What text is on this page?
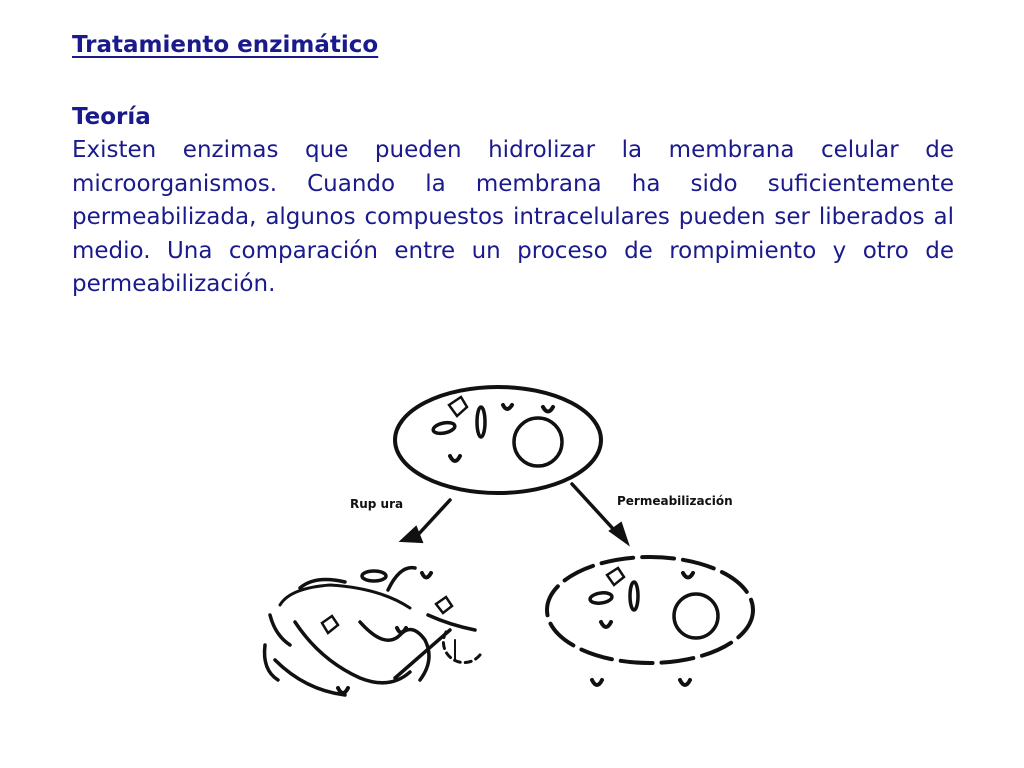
Tratamiento enzimático
Teoría

Existen enzimas que pueden hidrolizar la membrana celular de microorganismos. Cuando la membrana ha sido suficientemente permeabilizada, algunos compuestos intracelulares pueden ser liberados al medio. Una comparación entre un proceso de rompimiento y otro de permeabilización.

Rup ura	Permeabilización
